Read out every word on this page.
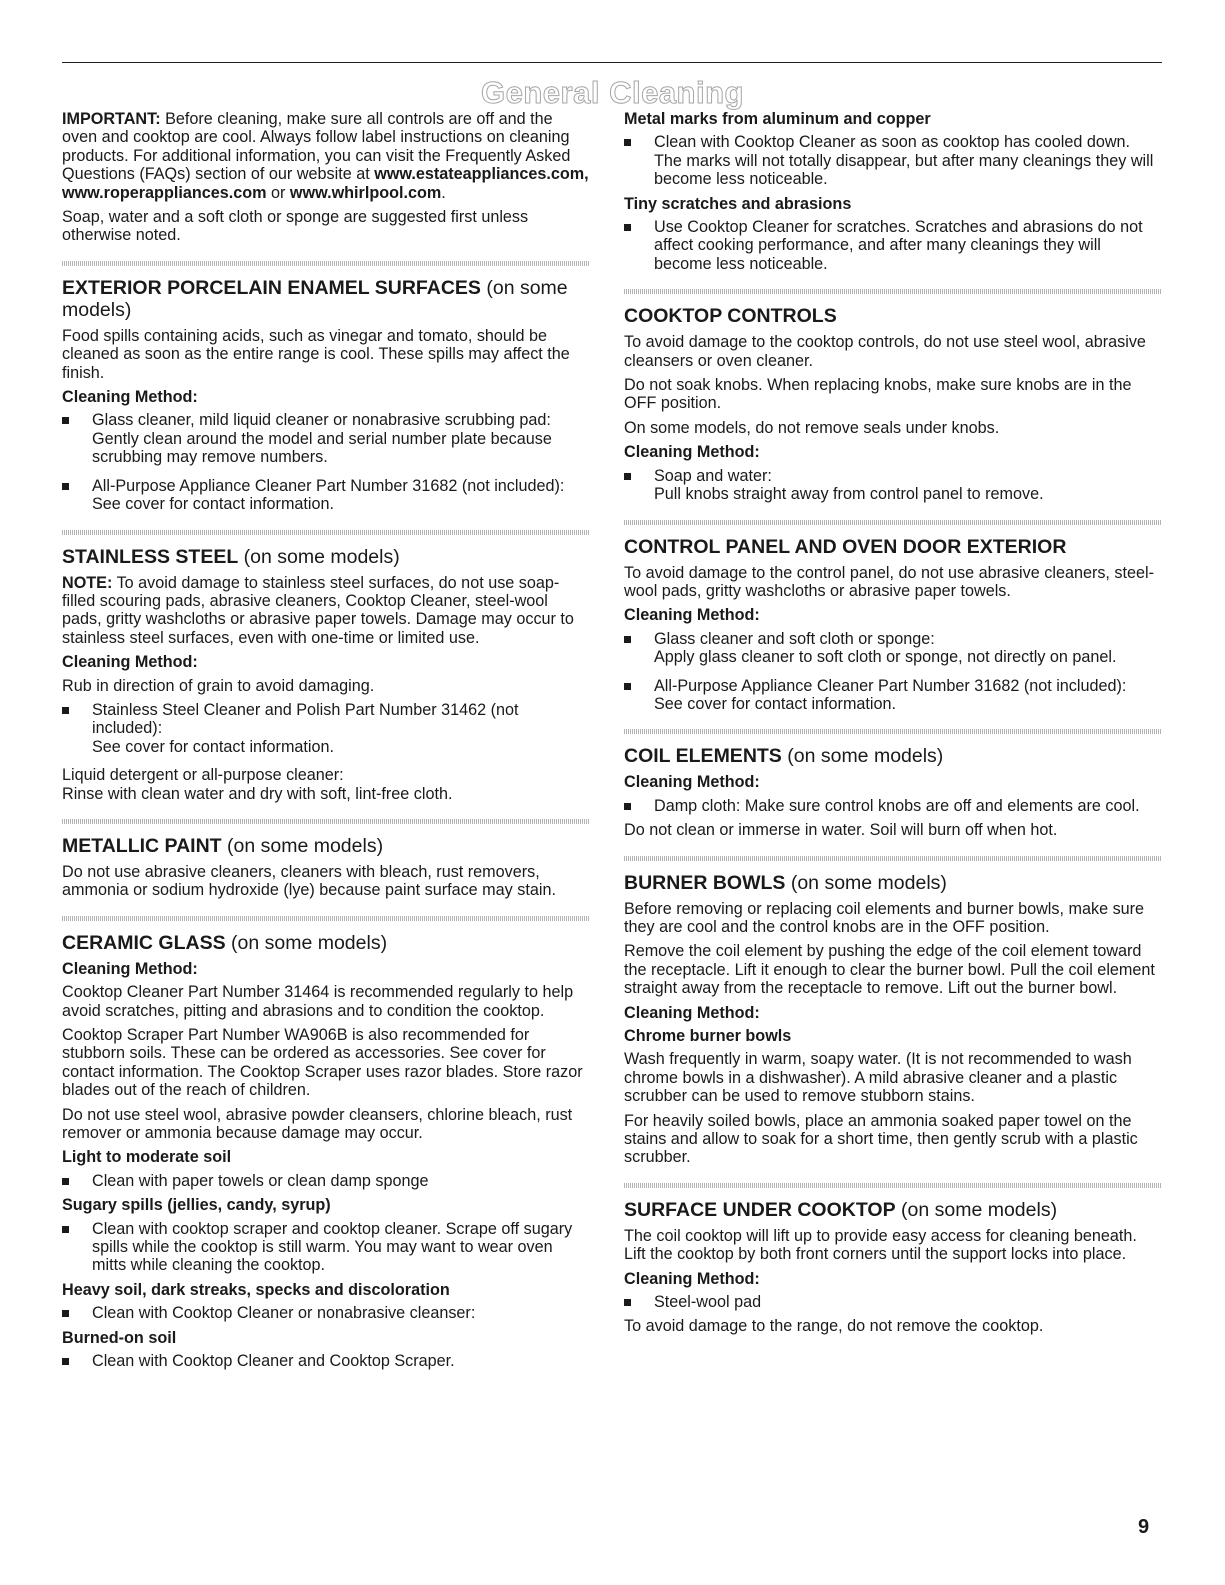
General Cleaning

IMPORTANT: Before cleaning, make sure all controls are off and the oven and cooktop are cool. Always follow label instructions on cleaning products. For additional information, you can visit the Frequently Asked Questions (FAQs) section of our website at www.estateappliances.com, www.roperappliances.com or www.whirlpool.com.

Soap, water and a soft cloth or sponge are suggested first unless otherwise noted.

EXTERIOR PORCELAIN ENAMEL SURFACES (on some models)

Food spills containing acids, such as vinegar and tomato, should be cleaned as soon as the entire range is cool. These spills may affect the finish.

Cleaning Method:
Glass cleaner, mild liquid cleaner or nonabrasive scrubbing pad:
Gently clean around the model and serial number plate because scrubbing may remove numbers.
All-Purpose Appliance Cleaner Part Number 31682 (not included):
See cover for contact information.
STAINLESS STEEL (on some models)

NOTE: To avoid damage to stainless steel surfaces, do not use soap-filled scouring pads, abrasive cleaners, Cooktop Cleaner, steel-wool pads, gritty washcloths or abrasive paper towels. Damage may occur to stainless steel surfaces, even with one-time or limited use.

Cleaning Method:

Rub in direction of grain to avoid damaging.

Stainless Steel Cleaner and Polish Part Number 31462 (not included):
See cover for contact information.

Liquid detergent or all-purpose cleaner:
Rinse with clean water and dry with soft, lint-free cloth.

METALLIC PAINT (on some models)

Do not use abrasive cleaners, cleaners with bleach, rust removers, ammonia or sodium hydroxide (lye) because paint surface may stain.

CERAMIC GLASS (on some models)
Cleaning Method:

Cooktop Cleaner Part Number 31464 is recommended regularly to help avoid scratches, pitting and abrasions and to condition the cooktop.

Cooktop Scraper Part Number WA906B is also recommended for stubborn soils. These can be ordered as accessories. See cover for contact information. The Cooktop Scraper uses razor blades. Store razor blades out of the reach of children.

Do not use steel wool, abrasive powder cleansers, chlorine bleach, rust remover or ammonia because damage may occur.

Light to moderate soil
Clean with paper towels or clean damp sponge
Sugary spills (jellies, candy, syrup)
Clean with cooktop scraper and cooktop cleaner. Scrape off sugary spills while the cooktop is still warm. You may want to wear oven mitts while cleaning the cooktop.
Heavy soil, dark streaks, specks and discoloration
Clean with Cooktop Cleaner or nonabrasive cleanser:
Burned-on soil
Clean with Cooktop Cleaner and Cooktop Scraper.
Metal marks from aluminum and copper
Clean with Cooktop Cleaner as soon as cooktop has cooled down. The marks will not totally disappear, but after many cleanings they will become less noticeable.
Tiny scratches and abrasions
Use Cooktop Cleaner for scratches. Scratches and abrasions do not affect cooking performance, and after many cleanings they will become less noticeable.
COOKTOP CONTROLS

To avoid damage to the cooktop controls, do not use steel wool, abrasive cleansers or oven cleaner.

Do not soak knobs. When replacing knobs, make sure knobs are in the OFF position.

On some models, do not remove seals under knobs.

Cleaning Method:
Soap and water:
Pull knobs straight away from control panel to remove.
CONTROL PANEL AND OVEN DOOR EXTERIOR

To avoid damage to the control panel, do not use abrasive cleaners, steel-wool pads, gritty washcloths or abrasive paper towels.

Cleaning Method:
Glass cleaner and soft cloth or sponge:
Apply glass cleaner to soft cloth or sponge, not directly on panel.
All-Purpose Appliance Cleaner Part Number 31682 (not included):
See cover for contact information.
COIL ELEMENTS (on some models)
Cleaning Method:
Damp cloth: Make sure control knobs are off and elements are cool.

Do not clean or immerse in water. Soil will burn off when hot.

BURNER BOWLS (on some models)

Before removing or replacing coil elements and burner bowls, make sure they are cool and the control knobs are in the OFF position.

Remove the coil element by pushing the edge of the coil element toward the receptacle. Lift it enough to clear the burner bowl. Pull the coil element straight away from the receptacle to remove. Lift out the burner bowl.

Cleaning Method:
Chrome burner bowls

Wash frequently in warm, soapy water. (It is not recommended to wash chrome bowls in a dishwasher). A mild abrasive cleaner and a plastic scrubber can be used to remove stubborn stains.

For heavily soiled bowls, place an ammonia soaked paper towel on the stains and allow to soak for a short time, then gently scrub with a plastic scrubber.

SURFACE UNDER COOKTOP (on some models)

The coil cooktop will lift up to provide easy access for cleaning beneath. Lift the cooktop by both front corners until the support locks into place.

Cleaning Method:
Steel-wool pad

To avoid damage to the range, do not remove the cooktop.

9
